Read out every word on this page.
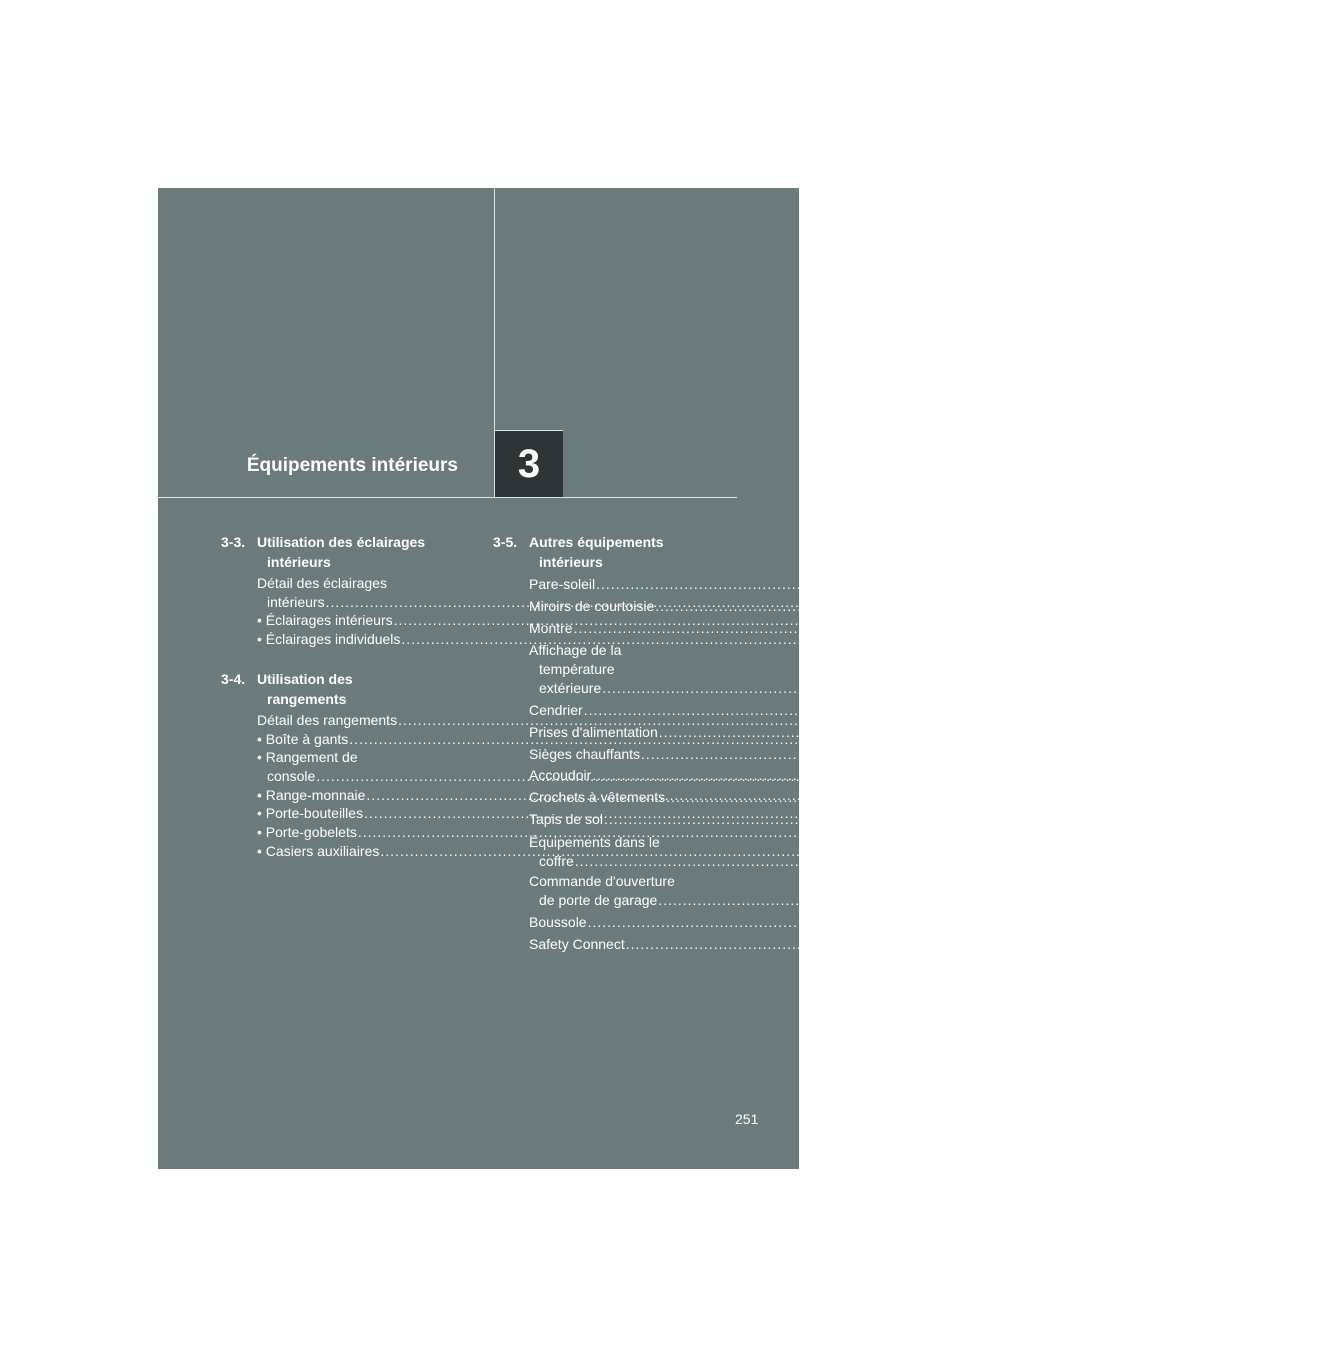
3
Équipements intérieurs
3-3. Utilisation des éclairages
intérieurs
Détail des éclairages
intérieurs .....	318
• Éclairages intérieurs .....	319
• Éclairages individuels .....	320
3-4. Utilisation des
rangements
Détail des rangements .....	322
• Boîte à gants .....	324
• Rangement de
console .....	325
• Range-monnaie .....	326
• Porte-bouteilles .....	327
• Porte-gobelets .....	328
• Casiers auxiliaires .....	330
3-5. Autres équipements
intérieurs
Pare-soleil .....	332
Miroirs de courtoisie .....	333
Montre .....	334
Affichage de la
température
extérieure .....	335
Cendrier .....	337
Prises d'alimentation .....	338
Sièges chauffants .....	341
Accoudoir .....	343
Crochets à vêtements .....	344
Tapis de sol .....	345
Équipements dans le
coffre .....	347
Commande d'ouverture
de porte de garage .....	349
Boussole .....	358
Safety Connect .....	362
251
